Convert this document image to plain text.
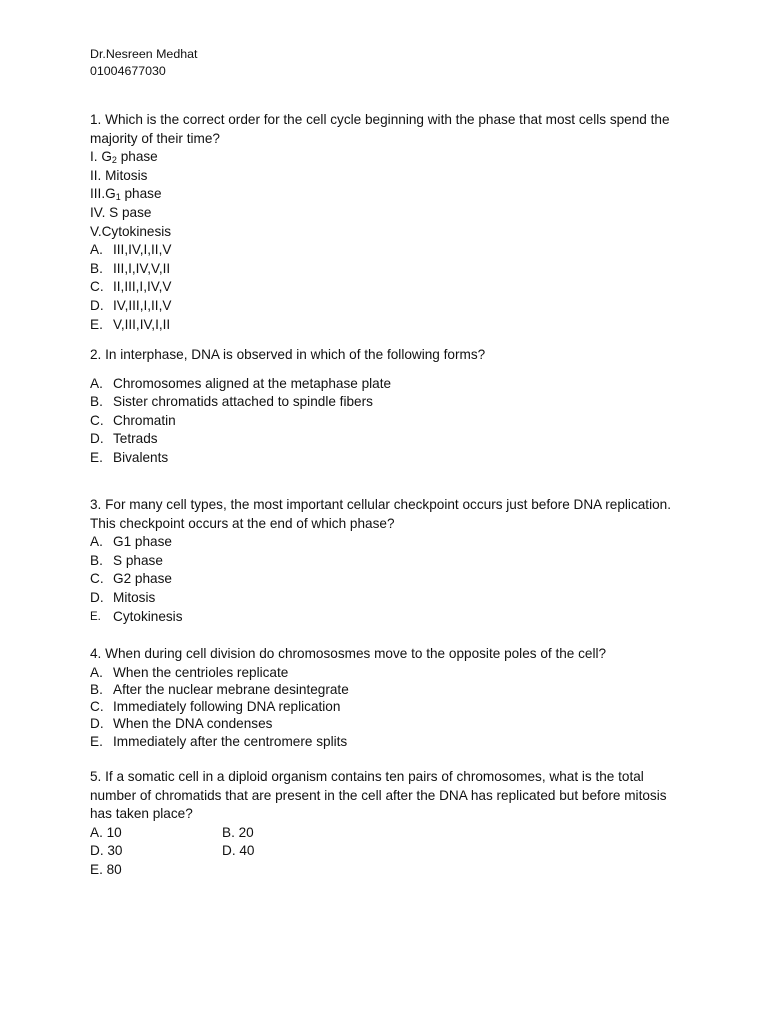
Dr.Nesreen Medhat
01004677030

1. Which is the correct order for the cell cycle beginning with the phase that most cells spend the majority of their time?

I. $G_2$ phase
II. Mitosis
$III.G_1$ phase
IV. S pase
V.Cytokinesis
A. III,IV,I,II,V
B. III,I,IV,V,II
C. II,III,I,IV,V
D. IV,III,I,II,V
E. V,III,IV,I,II

2. In interphase, DNA is observed in which of the following forms?

A. Chromosomes aligned at the metaphase plate
B. Sister chromatids attached to spindle fibers
C. Chromatin
D. Tetrads
E. Bivalents

3. For many cell types, the most important cellular checkpoint occurs just before DNA replication. This checkpoint occurs at the end of which phase?

A. G1 phase
B. S phase
C. G2 phase
D. Mitosis
E. Cytokinesis

4. When during cell division do chromososmes move to the opposite poles of the cell?

A. When the centrioles replicate
B. After the nuclear mebrane desintegrate
C. Immediately following DNA replication
D. When the DNA condenses
E. Immediately after the centromere splits

5. If a somatic cell in a diploid organism contains ten pairs of chromosomes, what is the total number of chromatids that are present in the cell after the DNA has replicated but before mitosis has taken place?

A. 10	B. 20
D. 30	D. 40
E. 80
